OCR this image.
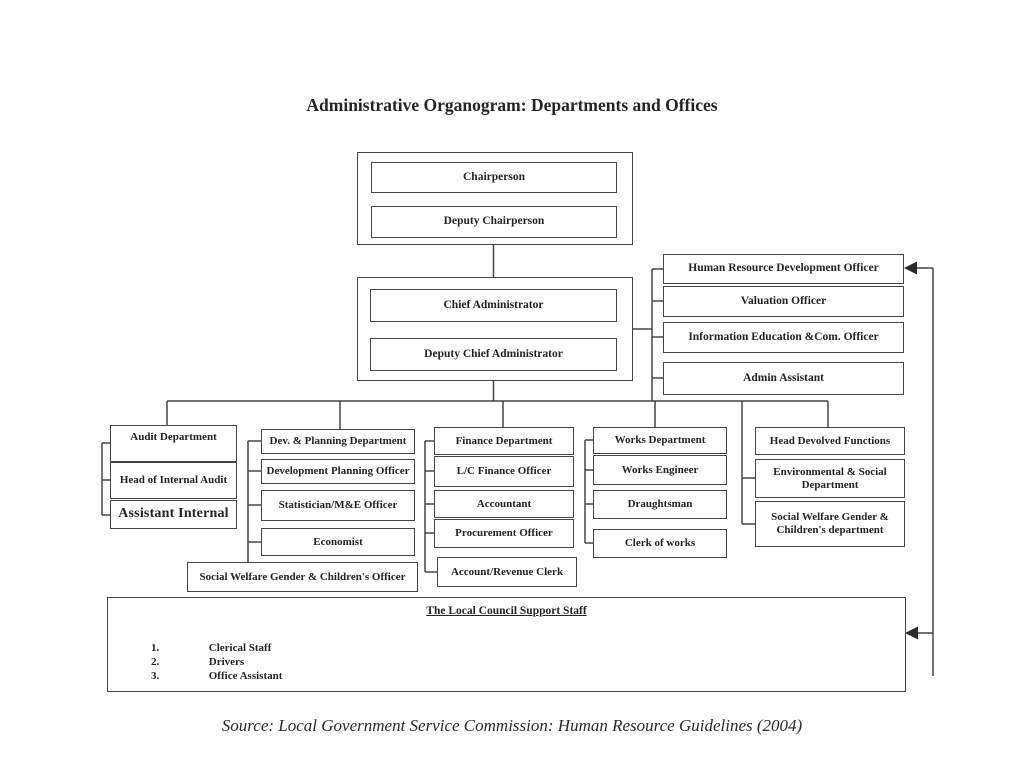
Administrative Organogram: Departments and Offices
Chairperson
Deputy Chairperson
Chief Administrator
Deputy Chief Administrator
Human Resource Development Officer
Valuation Officer
Information Education &Com. Officer
Admin Assistant
Audit Department
Head of Internal Audit
Assistant Internal
Dev. & Planning Department
Development Planning Officer
Statistician/M&E Officer
Economist
Social Welfare Gender & Children's Officer
Finance Department
L/C Finance Officer
Accountant
Procurement Officer
Account/Revenue Clerk
Works Department
Works Engineer
Draughtsman
Clerk of works
Head Devolved Functions
Environmental & Social Department
Social Welfare Gender & Children's department
The Local Council Support Staff
1.	Clerical Staff
2.	Drivers
3.	Office Assistant
Source: Local Government Service Commission: Human Resource Guidelines (2004)
